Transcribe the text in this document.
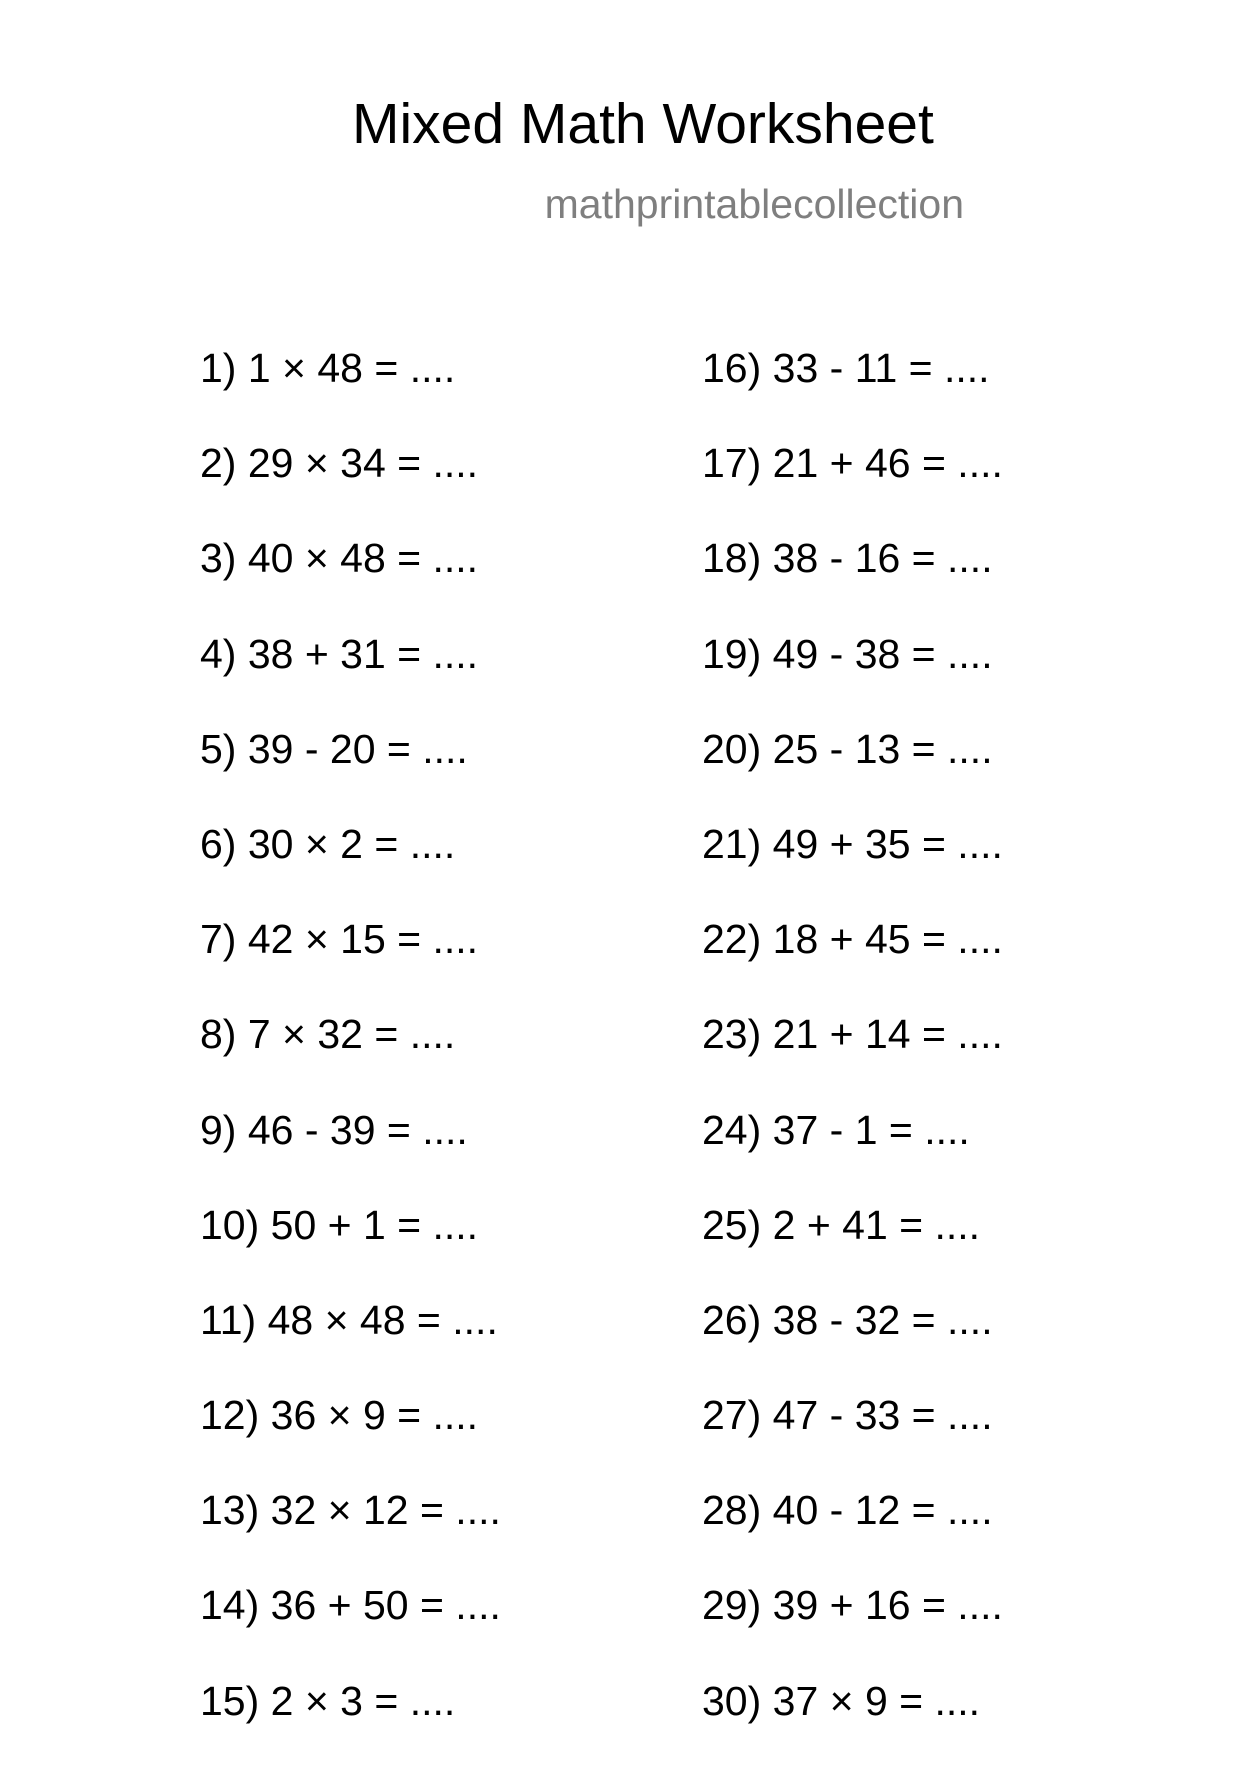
Mixed Math Worksheet

mathprintablecollection

1) 1 × 48 = ....
2) 29 × 34 = ....
3) 40 × 48 = ....
4) 38 + 31 = ....
5) 39 - 20 = ....
6) 30 × 2 = ....
7) 42 × 15 = ....
8) 7 × 32 = ....
9) 46 - 39 = ....
10) 50 + 1 = ....
11) 48 × 48 = ....
12) 36 × 9 = ....
13) 32 × 12 = ....
14) 36 + 50 = ....
15) 2 × 3 = ....
16) 33 - 11 = ....
17) 21 + 46 = ....
18) 38 - 16 = ....
19) 49 - 38 = ....
20) 25 - 13 = ....
21) 49 + 35 = ....
22) 18 + 45 = ....
23) 21 + 14 = ....
24) 37 - 1 = ....
25) 2 + 41 = ....
26) 38 - 32 = ....
27) 47 - 33 = ....
28) 40 - 12 = ....
29) 39 + 16 = ....
30) 37 × 9 = ....
